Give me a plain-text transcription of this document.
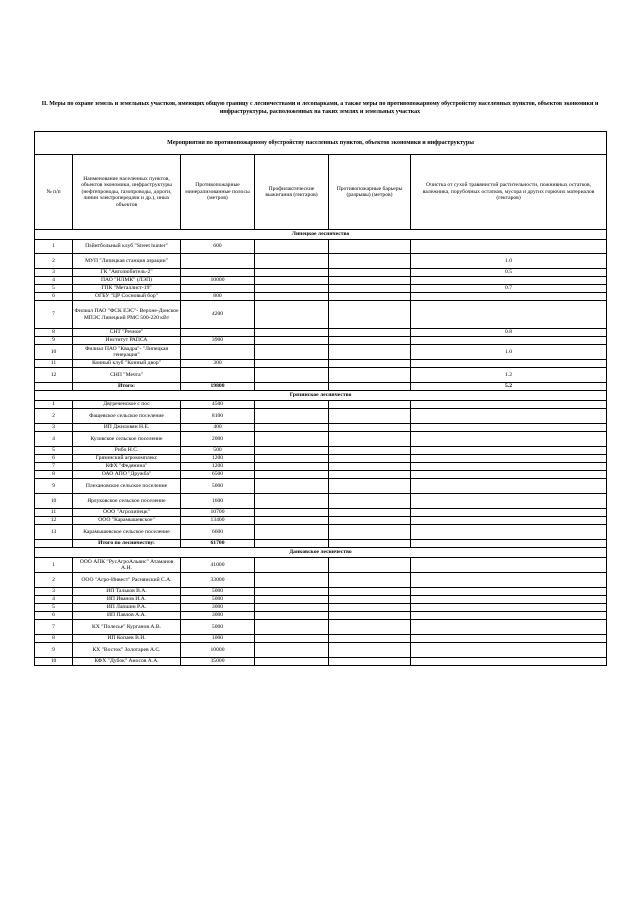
II. Меры по охране земель и земельных участков, имеющих общую границу с лесничествами и лесопарками, а также меры по противопожарному обустройству населенных пунктов, объектов экономики и инфраструктуры, расположенных на таких землях и земельных участках
Мероприятия по противопожарному обустройству населенных пунктов, объектов экономики и инфраструктуры					
№ п/п	Наименование населенных пунктов, объектов экономики, инфраструктуры (нефтепроводы, газопроводы, дороги, линии электропередачи и др.), иных объектов	Противопожарные минерализованные полосы (метров)	Профилактические выжигания (гектаров)	Противопожарные барьеры (разрывы) (метров)	Очистка от сухой травянистой растительности, пожнивных остатков, валежника, порубочных остатков, мусора и других горючих материалов (гектаров)
Липецкое лесничество					
1	Пэйнтбольный клуб "Street hunter"	600			
2	МУП "Липецкая станция аэрации"				1.0
3	ГК "Автолюбитель-2"				0.5
4	ПАО "НЛМК" (ЛЭП)	10000			
5	ГПК "Металлист-19"				0.7
6	ОГБУ "ЦР Сосновый бор"	800			
7	Филиал ПАО "ФСК ЕЭС"- Верхне-Донское МПЭС Липецкий РМС 500-220 кВт	4200			
8	СНТ "Речное"				0.8
9	Институт РАПСА	3900			
10	Филиал ПАО "Квадра"- "Липецкая генерация"				1.0
11	Конный клуб "Конный двор"	300			
12	СНП "Мечта"				1.2
	Итого:	19800			5.2
Грязинское лесничество					
1	Двуреченское с пос	4500			
2	Фащевское сельское поселение	8100			
3	ИП Джиловян Н.Е.	400			
4	Кузовское сельское поселение	2000			
5	Рибо Н.С.	500			
6	Грязинский агрокомплекс	1200			
7	КФХ "Федянина"	1200			
8	ОАО АПО "Дружба"	6500			
9	Плехановское сельское поселение	5000			
10	Ярлуковское сельское поселение	1600			
11	ООО "Агролипецк"	10700			
12	ООО "Карамышевское"	13400			
13	Карамышевское сельское поселение	6600			
	Итого по лесничеству:	61700			
Данковское лесничество					
1	ООО АПК "РусАгроАльянс" Атаманов А.Н.	41000			
2	ООО "Агро-Инвест" Раснянский С.А.	33000			
3	ИП Тальков В.А.	5000			
4	ИП Иванов И.А.	5000			
5	ИП Лапшин Р.А.	3000			
6	ИП Павлов А.А.	3000			
7	КХ "Полесье" Курганов А.В.	5000			
8	ИП Копаев В.И.	1000			
9	КХ "Восток" Золотарев А.С.	10000			
10	КФХ "Дубок" Аносов А.А.	35000			
